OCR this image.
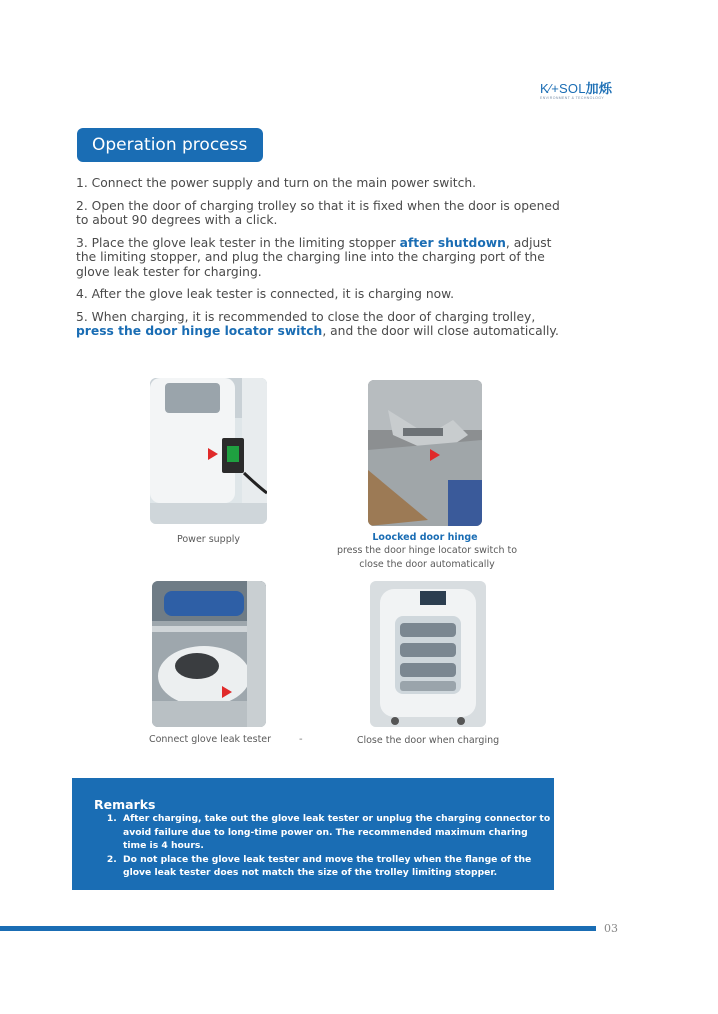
K∕+SOL加烁
ENVIRONMENT & TECHNOLOGY
Operation process

1. Connect the power supply and turn on the main power switch.

2. Open the door of charging trolley so that it is fixed when the door is opened to about 90 degrees with a click.

3. Place the glove leak tester in the limiting stopper after shutdown, adjust the limiting stopper, and plug the charging line into the charging port of the glove leak tester for charging.

4. After the glove leak tester is connected, it is charging now.

5. When charging, it is recommended to close the door of charging trolley, press the door hinge locator switch, and the door will close automatically.

Power supply	Loocked door hinge
press the door hinge locator switch to
close the door automatically
Connect glove leak tester	-	Close the door when charging
Remarks
1. After charging, take out the glove leak tester or unplug the charging connector to avoid failure due to long-time power on. The recommended maximum charing time is 4 hours.
2. Do not place the glove leak tester and move the trolley when the flange of the glove leak tester does not match the size of the trolley limiting stopper.
03
